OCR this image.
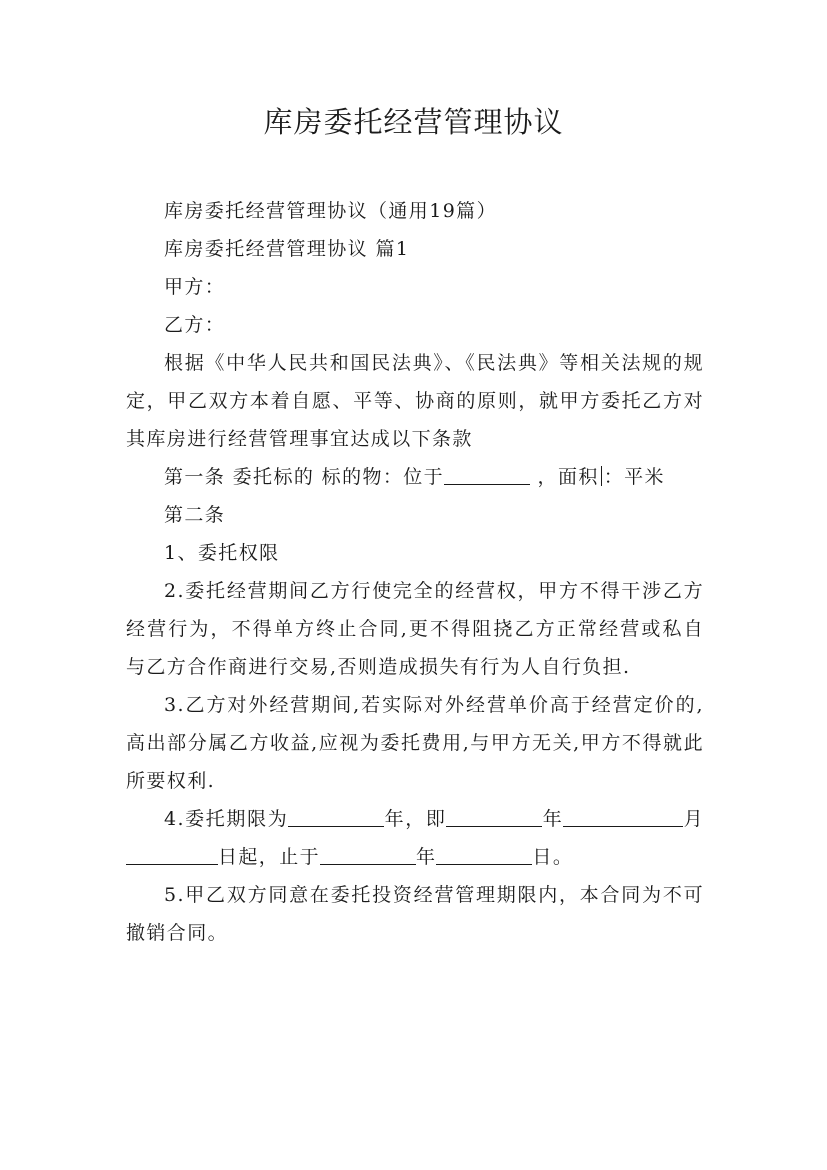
库房委托经营管理协议

库房委托经营管理协议（通用19篇）

库房委托经营管理协议 篇1

甲方：

乙方：

根据《中华人民共和国民法典》、《民法典》等相关法规的规定，甲乙双方本着自愿、平等、协商的原则，就甲方委托乙方对其库房进行经营管理事宜达成以下条款

第一条 委托标的 标的物：位于	，面积 ：平米

第二条

1、委托权限

2.委托经营期间乙方行使完全的经营权，甲方不得干涉乙方经营行为，不得单方终止合同,更不得阻挠乙方正常经营或私自与乙方合作商进行交易,否则造成损失有行为人自行负担.

3.乙方对外经营期间,若实际对外经营单价高于经营定价的,高出部分属乙方收益,应视为委托费用,与甲方无关,甲方不得就此所要权利.

4.委托期限为	年，即	年	月日起，止于	年	日。

5.甲乙双方同意在委托投资经营管理期限内，本合同为不可撤销合同。
